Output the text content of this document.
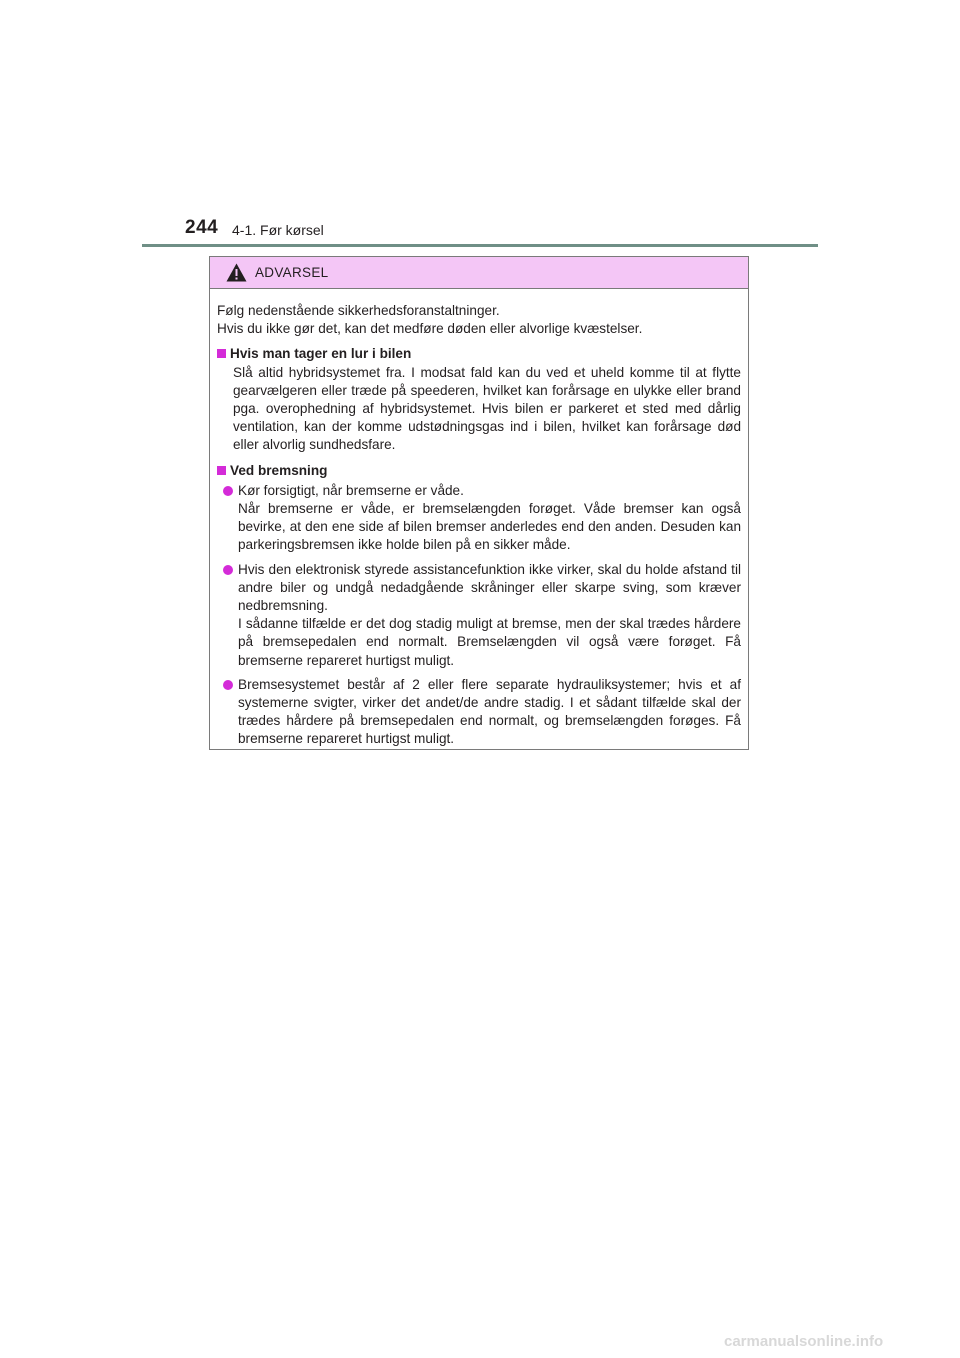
244 4-1. Før kørsel
ADVARSEL

Følg nedenstående sikkerhedsforanstaltninger.

Hvis du ikke gør det, kan det medføre døden eller alvorlige kvæstelser.

Hvis man tager en lur i bilen
Slå altid hybridsystemet fra. I modsat fald kan du ved et uheld komme til at flytte gearvælgeren eller træde på speederen, hvilket kan forårsage en ulykke eller brand pga. overophedning af hybridsystemet. Hvis bilen er parkeret et sted med dårlig ventilation, kan der komme udstødningsgas ind i bilen, hvilket kan forårsage død eller alvorlig sundhedsfare.
Ved bremsning
Kør forsigtigt, når bremserne er våde.
Når bremserne er våde, er bremselængden forøget. Våde bremser kan også bevirke, at den ene side af bilen bremser anderledes end den anden. Desuden kan parkeringsbremsen ikke holde bilen på en sikker måde.
Hvis den elektronisk styrede assistancefunktion ikke virker, skal du holde afstand til andre biler og undgå nedadgående skråninger eller skarpe sving, som kræver nedbremsning.
I sådanne tilfælde er det dog stadig muligt at bremse, men der skal trædes hårdere på bremsepedalen end normalt. Bremselængden vil også være forøget. Få bremserne repareret hurtigst muligt.
Bremsesystemet består af 2 eller flere separate hydrauliksystemer; hvis et af systemerne svigter, virker det andet/de andre stadig. I et sådant tilfælde skal der trædes hårdere på bremsepedalen end normalt, og bremselængden forøges. Få bremserne repareret hurtigst muligt.
carmanualsonline.info
